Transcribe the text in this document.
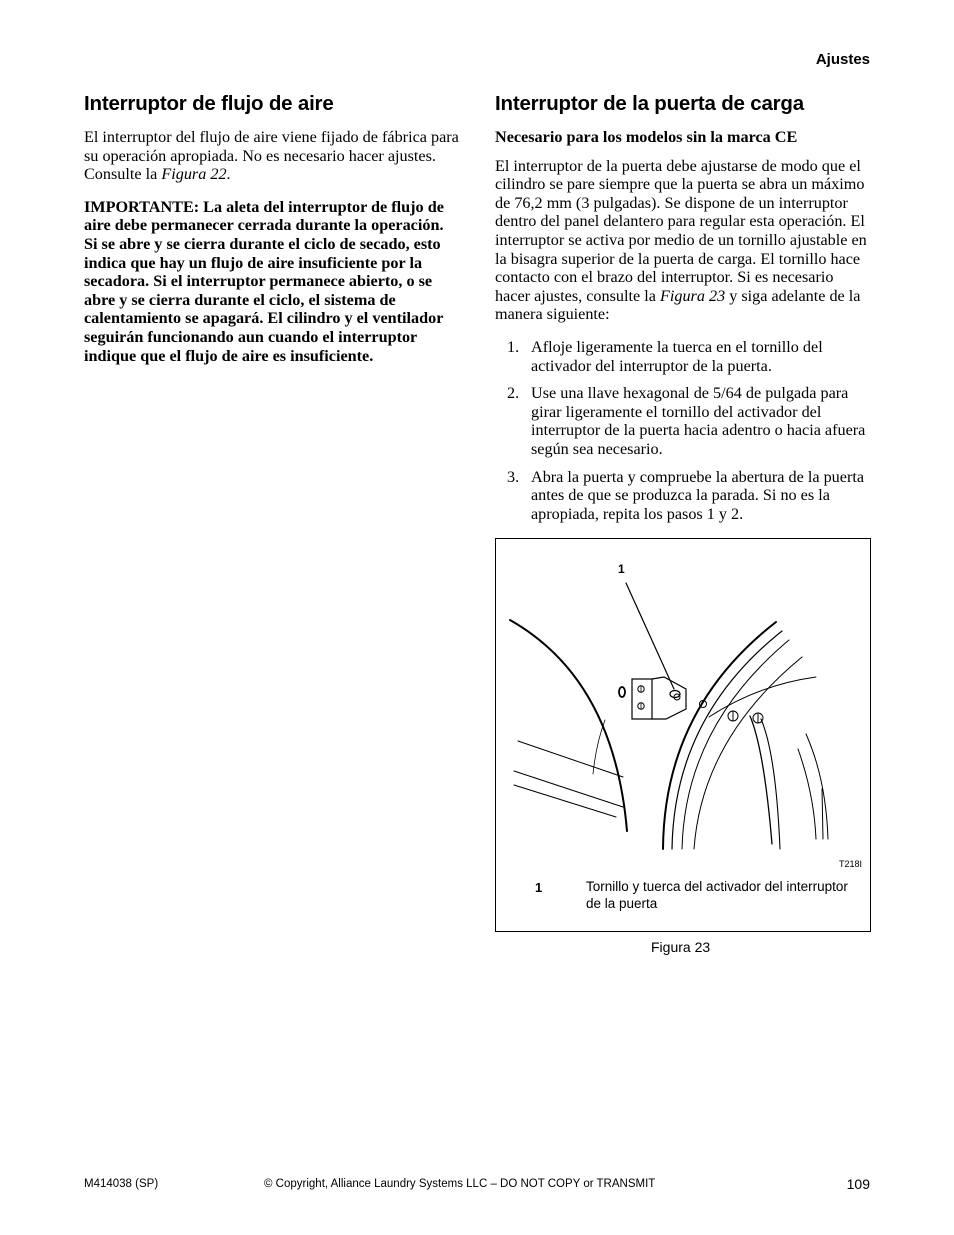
Ajustes
Interruptor de flujo de aire

El interruptor del flujo de aire viene fijado de fábrica para su operación apropiada. No es necesario hacer ajustes. Consulte la Figura 22.

IMPORTANTE: La aleta del interruptor de flujo de aire debe permanecer cerrada durante la operación. Si se abre y se cierra durante el ciclo de secado, esto indica que hay un flujo de aire insuficiente por la secadora. Si el interruptor permanece abierto, o se abre y se cierra durante el ciclo, el sistema de calentamiento se apagará. El cilindro y el ventilador seguirán funcionando aun cuando el interruptor indique que el flujo de aire es insuficiente.

Interruptor de la puerta de carga

Necesario para los modelos sin la marca CE

El interruptor de la puerta debe ajustarse de modo que el cilindro se pare siempre que la puerta se abra un máximo de 76,2 mm (3 pulgadas). Se dispone de un interruptor dentro del panel delantero para regular esta operación. El interruptor se activa por medio de un tornillo ajustable en la bisagra superior de la puerta de carga. El tornillo hace contacto con el brazo del interruptor. Si es necesario hacer ajustes, consulte la Figura 23 y siga adelante de la manera siguiente:

1. Afloje ligeramente la tuerca en el tornillo del activador del interruptor de la puerta.
2. Use una llave hexagonal de 5/64 de pulgada para girar ligeramente el tornillo del activador del interruptor de la puerta hacia adentro o hacia afuera según sea necesario.
3. Abra la puerta y compruebe la abertura de la puerta antes de que se produzca la parada. Si no es la apropiada, repita los pasos 1 y 2.
1
T218I
1	Tornillo y tuerca del activador del interruptor de la puerta
Figura 23
M414038 (SP)	© Copyright, Alliance Laundry Systems LLC – DO NOT COPY or TRANSMIT	109
